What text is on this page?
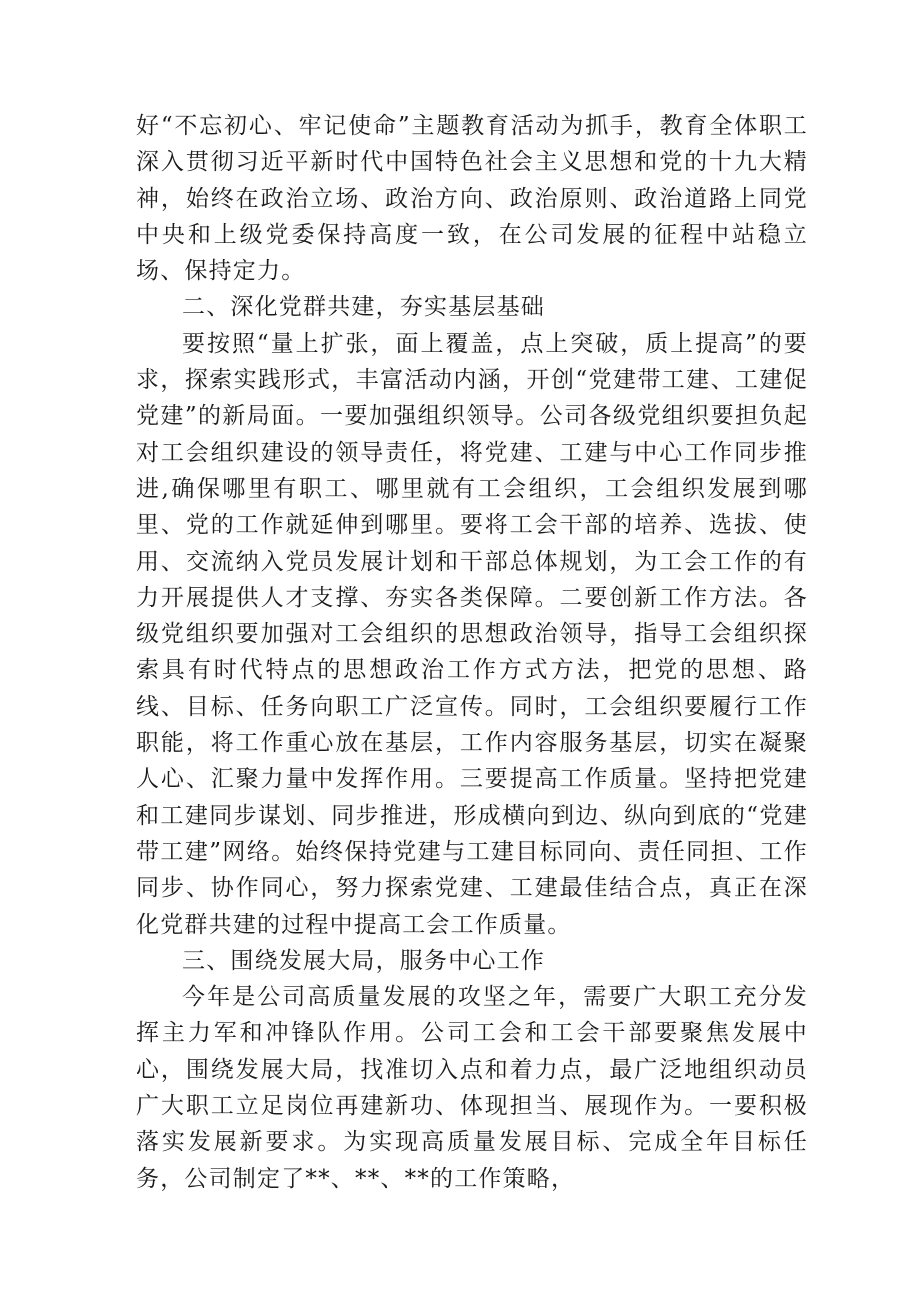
好“不忘初心、牢记使命”主题教育活动为抓手，教育全体职工深入贯彻习近平新时代中国特色社会主义思想和党的十九大精神，始终在政治立场、政治方向、政治原则、政治道路上同党中央和上级党委保持高度一致，在公司发展的征程中站稳立场、保持定力。

二、深化党群共建，夯实基层基础

要按照“量上扩张，面上覆盖，点上突破，质上提高”的要求，探索实践形式，丰富活动内涵，开创“党建带工建、工建促党建”的新局面。一要加强组织领导。公司各级党组织要担负起对工会组织建设的领导责任，将党建、工建与中心工作同步推进,确保哪里有职工、哪里就有工会组织，工会组织发展到哪里、党的工作就延伸到哪里。要将工会干部的培养、选拔、使用、交流纳入党员发展计划和干部总体规划，为工会工作的有力开展提供人才支撑、夯实各类保障。二要创新工作方法。各级党组织要加强对工会组织的思想政治领导，指导工会组织探索具有时代特点的思想政治工作方式方法，把党的思想、路线、目标、任务向职工广泛宣传。同时，工会组织要履行工作职能，将工作重心放在基层，工作内容服务基层，切实在凝聚人心、汇聚力量中发挥作用。三要提高工作质量。坚持把党建和工建同步谋划、同步推进，形成横向到边、纵向到底的“党建带工建”网络。始终保持党建与工建目标同向、责任同担、工作同步、协作同心，努力探索党建、工建最佳结合点，真正在深化党群共建的过程中提高工会工作质量。

三、围绕发展大局，服务中心工作

今年是公司高质量发展的攻坚之年，需要广大职工充分发挥主力军和冲锋队作用。公司工会和工会干部要聚焦发展中心，围绕发展大局，找准切入点和着力点，最广泛地组织动员广大职工立足岗位再建新功、体现担当、展现作为。一要积极落实发展新要求。为实现高质量发展目标、完成全年目标任务，公司制定了**、**、**的工作策略，
